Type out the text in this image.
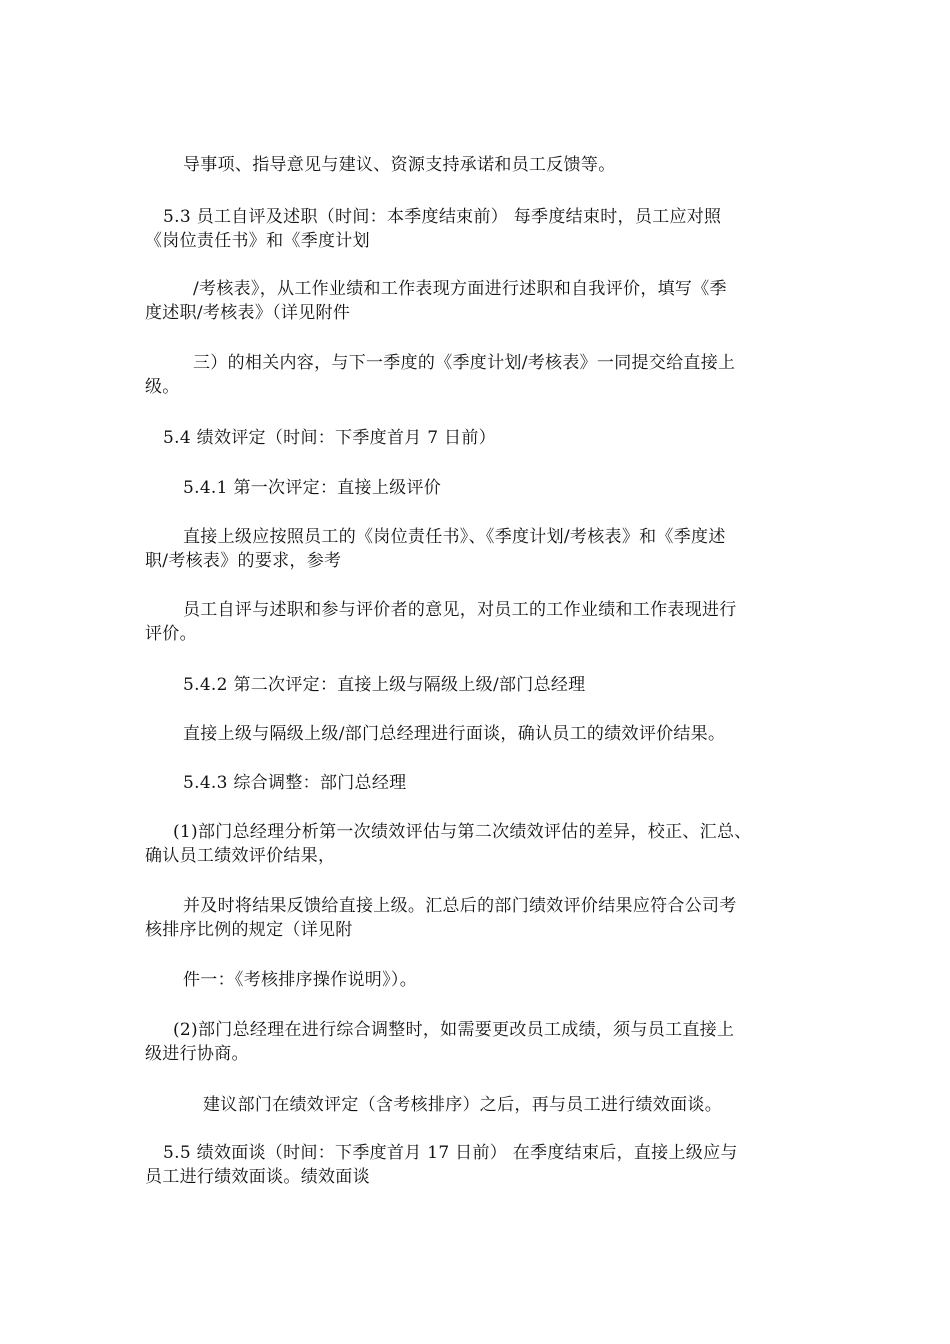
导事项、指导意见与建议、资源支持承诺和员工反馈等。
5.3 员工自评及述职（时间：本季度结束前） 每季度结束时，员工应对照
《岗位责任书》和《季度计划
/考核表》，从工作业绩和工作表现方面进行述职和自我评价，填写《季
度述职/考核表》（详见附件
三）的相关内容，与下一季度的《季度计划/考核表》一同提交给直接上
级。
5.4 绩效评定（时间：下季度首月 7 日前）
5.4.1 第一次评定：直接上级评价
直接上级应按照员工的《岗位责任书》、《季度计划/考核表》和《季度述
职/考核表》的要求，参考
员工自评与述职和参与评价者的意见，对员工的工作业绩和工作表现进行
评价。
5.4.2 第二次评定：直接上级与隔级上级/部门总经理
直接上级与隔级上级/部门总经理进行面谈，确认员工的绩效评价结果。
5.4.3 综合调整：部门总经理
(1)部门总经理分析第一次绩效评估与第二次绩效评估的差异，校正、汇总、
确认员工绩效评价结果，
并及时将结果反馈给直接上级。汇总后的部门绩效评价结果应符合公司考
核排序比例的规定（详见附
件一：《考核排序操作说明》）。
(2)部门总经理在进行综合调整时，如需要更改员工成绩，须与员工直接上
级进行协商。
建议部门在绩效评定（含考核排序）之后，再与员工进行绩效面谈。
5.5 绩效面谈（时间：下季度首月 17 日前） 在季度结束后，直接上级应与
员工进行绩效面谈。绩效面谈
